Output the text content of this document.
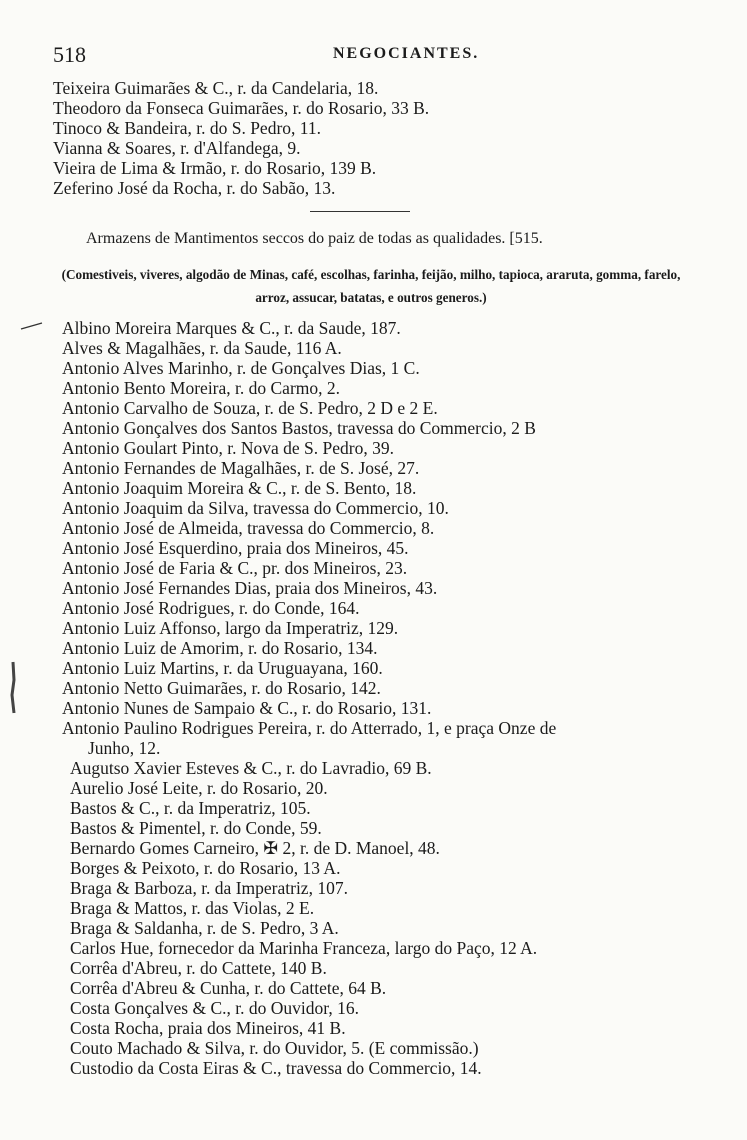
518	NEGOCIANTES.
Teixeira Guimarães & C., r. da Candelaria, 18.
Theodoro da Fonseca Guimarães, r. do Rosario, 33 B.
Tinoco & Bandeira, r. do S. Pedro, 11.
Vianna & Soares, r. d'Alfandega, 9.
Vieira de Lima & Irmão, r. do Rosario, 139 B.
Zeferino José da Rocha, r. do Sabão, 13.
Armazens de Mantimentos seccos do paiz de todas as qualidades. [515.
(Comestiveis, viveres, algodão de Minas, café, escolhas, farinha, feijão, milho, tapioca, araruta, gomma, farelo, arroz, assucar, batatas, e outros generos.)
Albino Moreira Marques & C., r. da Saude, 187.
Alves & Magalhães, r. da Saude, 116 A.
Antonio Alves Marinho, r. de Gonçalves Dias, 1 C.
Antonio Bento Moreira, r. do Carmo, 2.
Antonio Carvalho de Souza, r. de S. Pedro, 2 D e 2 E.
Antonio Gonçalves dos Santos Bastos, travessa do Commercio, 2 B
Antonio Goulart Pinto, r. Nova de S. Pedro, 39.
Antonio Fernandes de Magalhães, r. de S. José, 27.
Antonio Joaquim Moreira & C., r. de S. Bento, 18.
Antonio Joaquim da Silva, travessa do Commercio, 10.
Antonio José de Almeida, travessa do Commercio, 8.
Antonio José Esquerdino, praia dos Mineiros, 45.
Antonio José de Faria & C., pr. dos Mineiros, 23.
Antonio José Fernandes Dias, praia dos Mineiros, 43.
Antonio José Rodrigues, r. do Conde, 164.
Antonio Luiz Affonso, largo da Imperatriz, 129.
Antonio Luiz de Amorim, r. do Rosario, 134.
Antonio Luiz Martins, r. da Uruguayana, 160.
Antonio Netto Guimarães, r. do Rosario, 142.
Antonio Nunes de Sampaio & C., r. do Rosario, 131.
Antonio Paulino Rodrigues Pereira, r. do Atterrado, 1, e praça Onze de
Junho, 12.
Augutso Xavier Esteves & C., r. do Lavradio, 69 B.
Aurelio José Leite, r. do Rosario, 20.
Bastos & C., r. da Imperatriz, 105.
Bastos & Pimentel, r. do Conde, 59.
Bernardo Gomes Carneiro, ✠ 2, r. de D. Manoel, 48.
Borges & Peixoto, r. do Rosario, 13 A.
Braga & Barboza, r. da Imperatriz, 107.
Braga & Mattos, r. das Violas, 2 E.
Braga & Saldanha, r. de S. Pedro, 3 A.
Carlos Hue, fornecedor da Marinha Franceza, largo do Paço, 12 A.
Corrêa d'Abreu, r. do Cattete, 140 B.
Corrêa d'Abreu & Cunha, r. do Cattete, 64 B.
Costa Gonçalves & C., r. do Ouvidor, 16.
Costa Rocha, praia dos Mineiros, 41 B.
Couto Machado & Silva, r. do Ouvidor, 5. (E commissão.)
Custodio da Costa Eiras & C., travessa do Commercio, 14.
